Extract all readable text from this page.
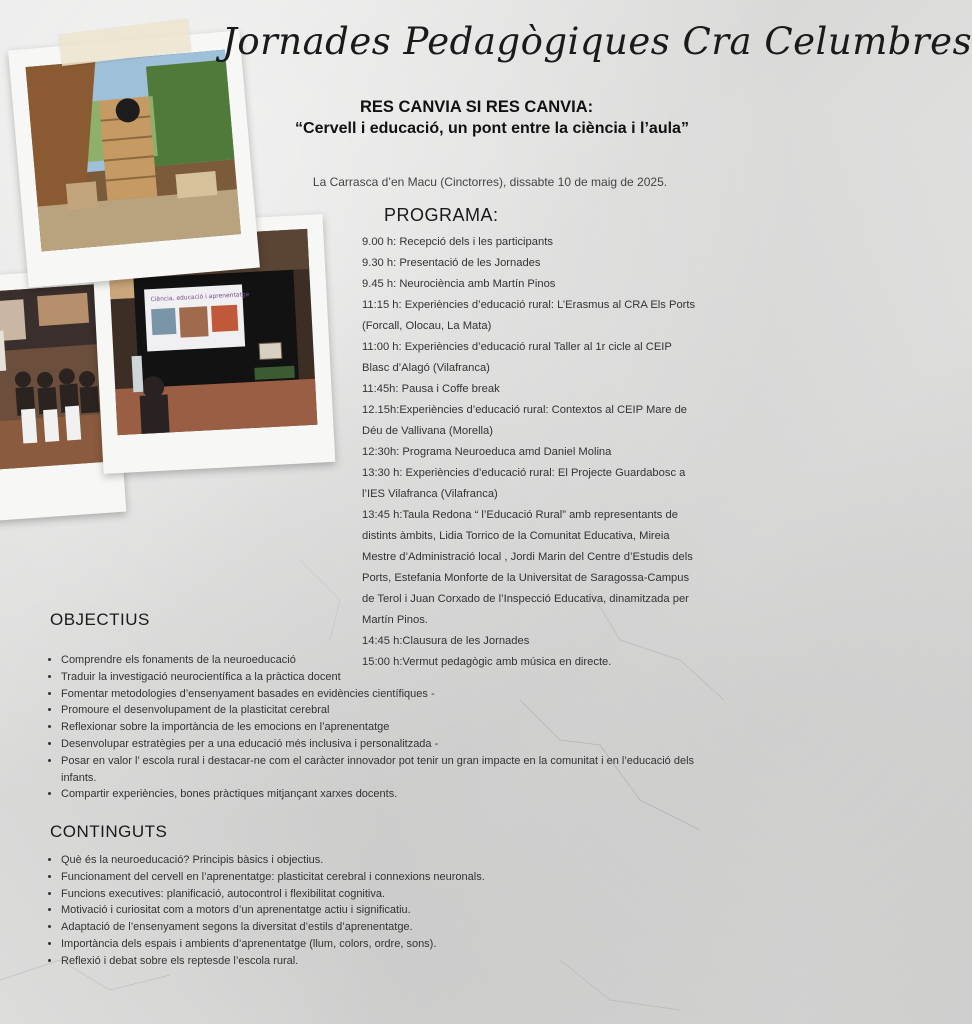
Ciència, educació i aprenentatge
Jornades Pedagògiques Cra Celumbres
RES CANVIA SI RES CANVIA:
“Cervell i educació, un pont entre la ciència i l’aula”
La Carrasca d’en Macu (Cinctorres), dissabte 10 de maig de 2025.
PROGRAMA:
9.00 h: Recepció dels i les participants
9.30 h: Presentació de les Jornades
9.45 h: Neurociència amb Martín Pinos
11:15 h: Experiències d’educació rural: L’Erasmus al CRA Els Ports (Forcall, Olocau, La Mata)
11:00 h: Experiències d’educació rural Taller al 1r cicle al CEIP Blasc d’Alagó (Vilafranca)
11:45h: Pausa i Coffe break
12.15h:Experiències d’educació rural: Contextos al CEIP Mare de Déu de Vallivana (Morella)
12:30h: Programa Neuroeduca amd Daniel Molina
13:30 h: Experiències d’educació rural: El Projecte Guardabosc a l’IES Vilafranca (Vilafranca)
13:45 h:Taula Redona “ l’Educació Rural” amb representants de distints àmbits, Lidia Torrico de la Comunitat Educativa, Mireia Mestre d’Administració local , Jordi Marin del Centre d’Estudis dels Ports, Estefania Monforte de la Universitat de Saragossa-Campus de Terol i Juan Corxado de l’Inspecció Educativa, dinamitzada per Martín Pinos.
14:45 h:Clausura de les Jornades
15:00 h:Vermut pedagògic amb música en directe.
OBJECTIUS
• Comprendre els fonaments de la neuroeducació
• Traduir la investigació neurocientífica a la pràctica docent
• Fomentar metodologies d’ensenyament basades en evidències científiques -
• Promoure el desenvolupament de la plasticitat cerebral
• Reflexionar sobre la importància de les emocions en l’aprenentatge
• Desenvolupar estratègies per a una educació més inclusiva i personalitzada -
• Posar en valor l’ escola rural i destacar-ne com el caràcter innovador pot tenir un gran impacte en la comunitat i en l’educació dels infants.
• Compartir experiències, bones pràctiques mitjançant xarxes docents.
CONTINGUTS
• Què és la neuroeducació? Principis bàsics i objectius.
• Funcionament del cervell en l’aprenentatge: plasticitat cerebral i connexions neuronals.
• Funcions executives: planificació, autocontrol i flexibilitat cognitiva.
• Motivació i curiositat com a motors d’un aprenentatge actiu i significatiu.
• Adaptació de l’ensenyament segons la diversitat d’estils d’aprenentatge.
• Importància dels espais i ambients d’aprenentatge (llum, colors, ordre, sons).
• Reflexió i debat sobre els reptesde l’escola rural.
